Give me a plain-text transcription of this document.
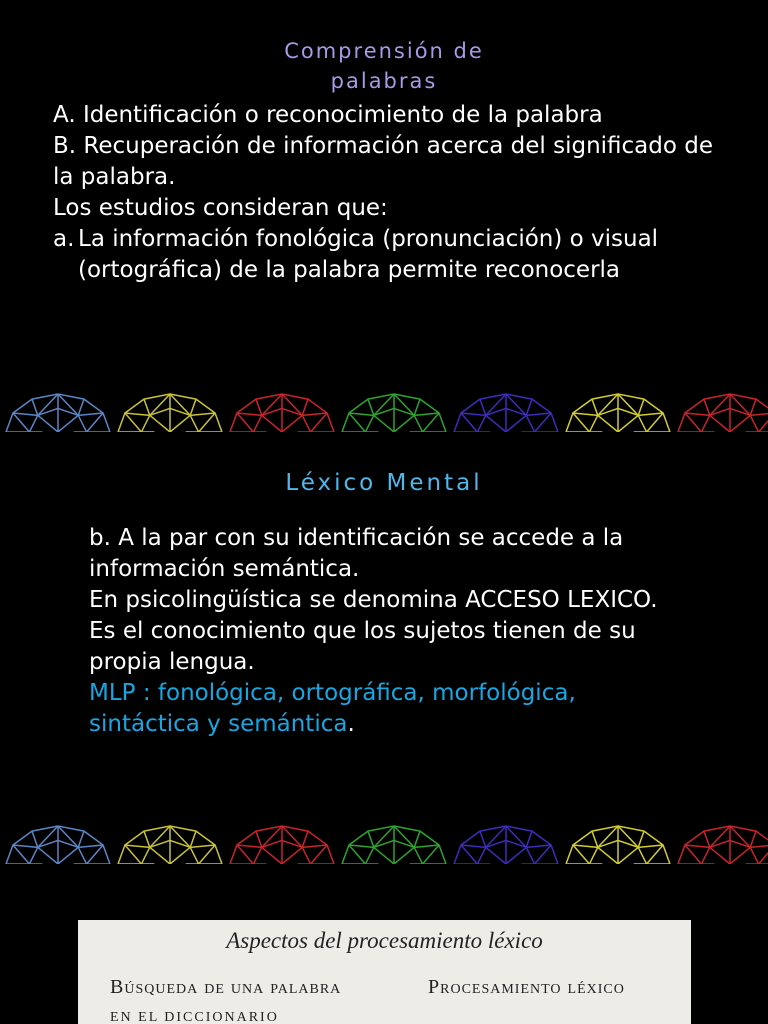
Comprensión de
palabras

A. Identificación o reconocimiento de la palabra

B. Recuperación de información acerca del significado de la palabra.

Los estudios consideran que:

a. La información fonológica (pronunciación) o visual (ortográfica) de la palabra permite reconocerla

Léxico Mental

b. A la par con su identificación se accede a la información semántica.

En psicolingüística se denomina ACCESO LEXICO.

Es el conocimiento que los sujetos tienen de su propia lengua.

MLP : fonológica, ortográfica, morfológica, sintáctica y semántica.

Aspectos del procesamiento léxico
Búsqueda de una palabra	Procesamiento léxico
EN EL DICCIONARIO
